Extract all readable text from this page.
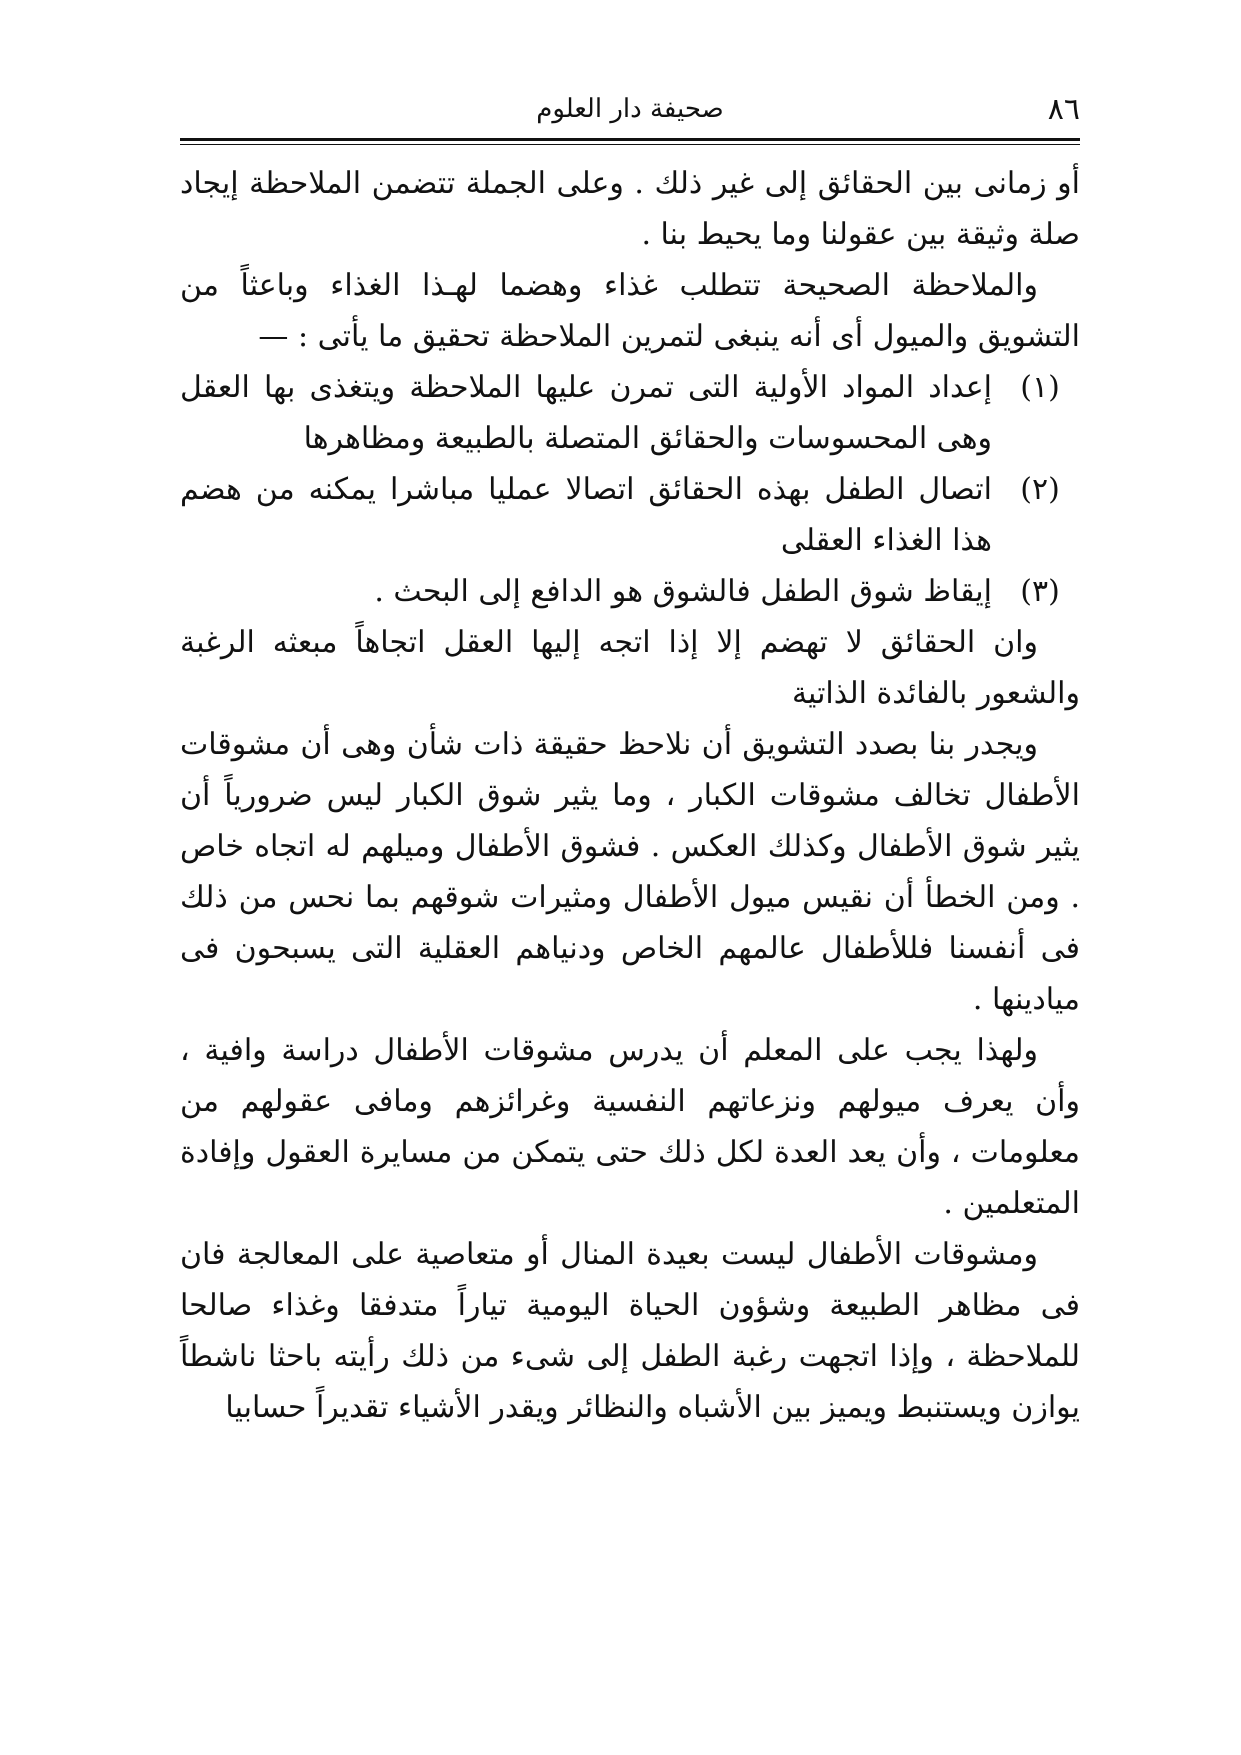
صحيفة دار العلوم	٨٦

أو زمانى بين الحقائق إلى غير ذلك . وعلى الجملة تتضمن الملاحظة إيجاد صلة وثيقة بين عقولنا وما يحيط بنا .

والملاحظة الصحيحة تتطلب غذاء وهضما لهـذا الغذاء وباعثاً من التشويق والميول أى أنه ينبغى لتمرين الملاحظة تحقيق ما يأتى : —

(١)
إعداد المواد الأولية التى تمرن عليها الملاحظة ويتغذى بها العقل وهى المحسوسات والحقائق المتصلة بالطبيعة ومظاهرها
(٢)
اتصال الطفل بهذه الحقائق اتصالا عمليا مباشرا يمكنه من هضم هذا الغذاء العقلى
(٣)
إيقاظ شوق الطفل فالشوق هو الدافع إلى البحث .

وان الحقائق لا تهضم إلا إذا اتجه إليها العقل اتجاهاً مبعثه الرغبة والشعور بالفائدة الذاتية

ويجدر بنا بصدد التشويق أن نلاحظ حقيقة ذات شأن وهى أن مشوقات الأطفال تخالف مشوقات الكبار ، وما يثير شوق الكبار ليس ضرورياً أن يثير شوق الأطفال وكذلك العكس . فشوق الأطفال وميلهم له اتجاه خاص . ومن الخطأ أن نقيس ميول الأطفال ومثيرات شوقهم بما نحس من ذلك فى أنفسنا فللأطفال عالمهم الخاص ودنياهم العقلية التى يسبحون فى ميادينها .

ولهذا يجب على المعلم أن يدرس مشوقات الأطفال دراسة وافية ، وأن يعرف ميولهم ونزعاتهم النفسية وغرائزهم ومافى عقولهم من معلومات ، وأن يعد العدة لكل ذلك حتى يتمكن من مسايرة العقول وإفادة المتعلمين .

ومشوقات الأطفال ليست بعيدة المنال أو متعاصية على المعالجة فان فى مظاهر الطبيعة وشؤون الحياة اليومية تياراً متدفقا وغذاء صالحا للملاحظة ، وإذا اتجهت رغبة الطفل إلى شىء من ذلك رأيته باحثا ناشطاً يوازن ويستنبط ويميز بين الأشباه والنظائر ويقدر الأشياء تقديراً حسابيا
